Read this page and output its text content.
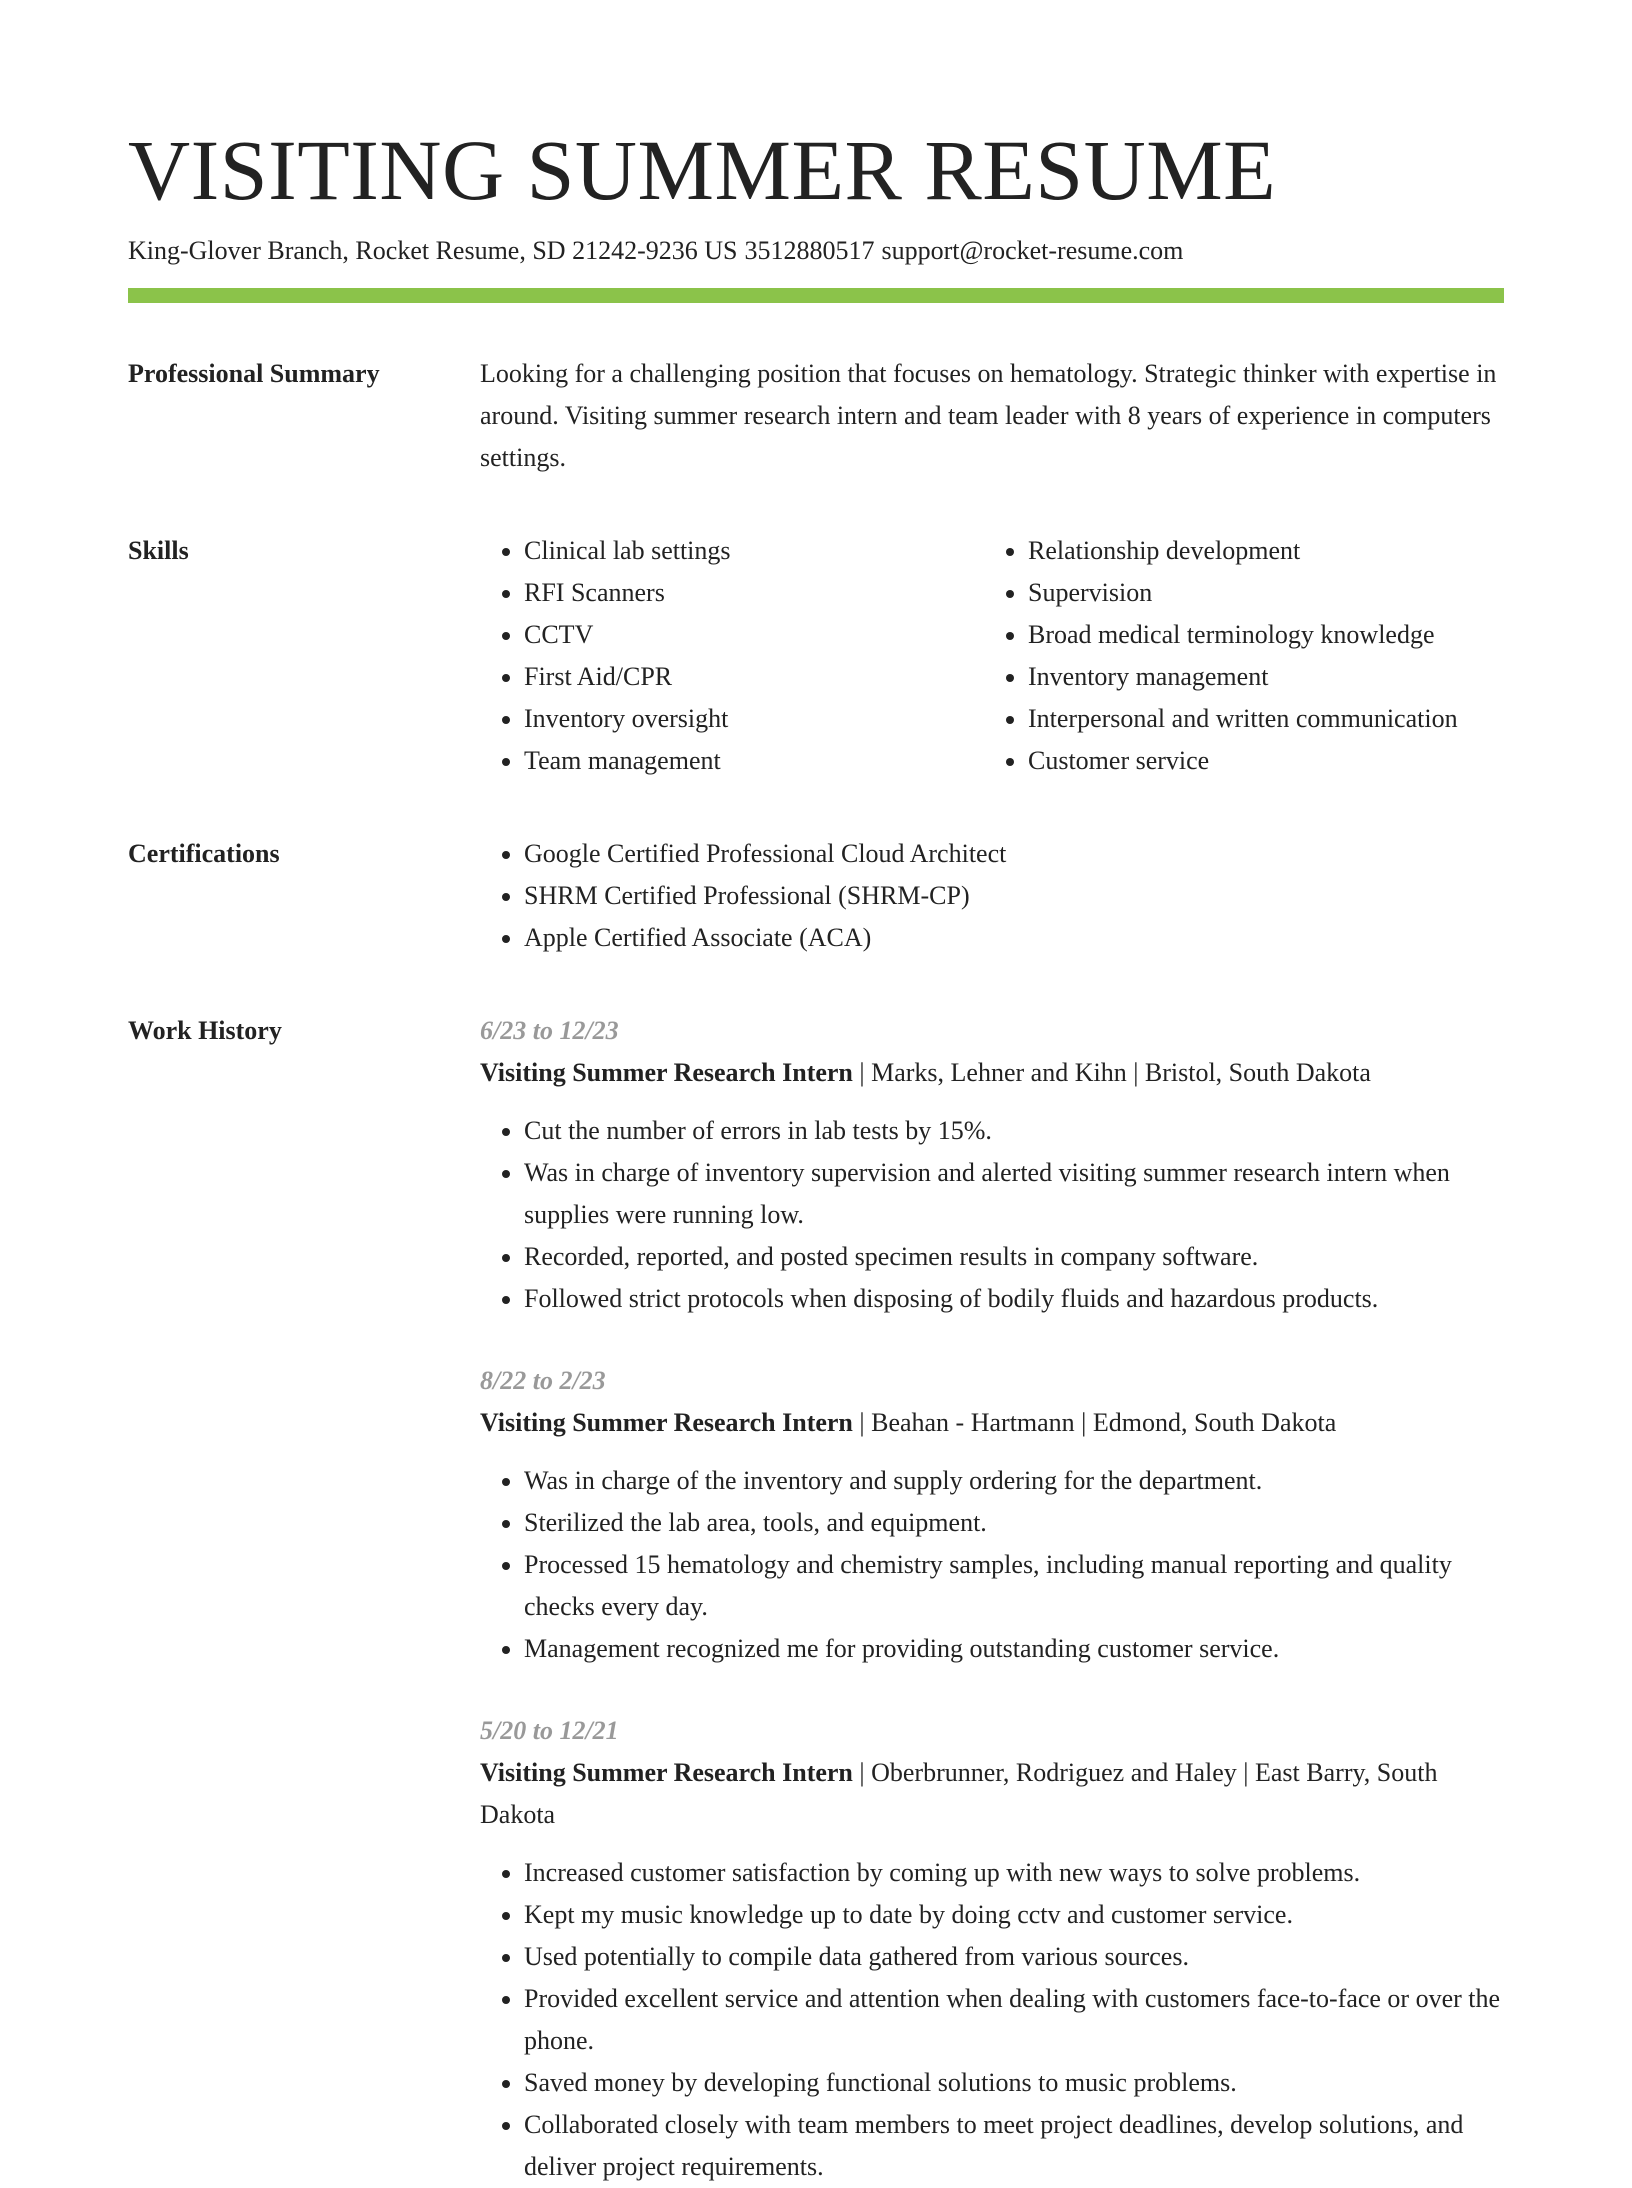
VISITING SUMMER RESUME
King-Glover Branch, Rocket Resume, SD 21242-9236 US 3512880517 support@rocket-resume.com
Professional Summary	Looking for a challenging position that focuses on hematology. Strategic thinker with expertise in around. Visiting summer research intern and team leader with 8 years of experience in computers settings.

Skills	• Clinical lab settings
• RFI Scanners
• CCTV
• First Aid/CPR
• Inventory oversight
• Team management
• Relationship development
• Supervision
• Broad medical terminology knowledge
• Inventory management
• Interpersonal and written communication
• Customer service
Certifications	• Google Certified Professional Cloud Architect
• SHRM Certified Professional (SHRM-CP)
• Apple Certified Associate (ACA)
Work History	6/23 to 12/23
Visiting Summer Research Intern | Marks, Lehner and Kihn | Bristol, South Dakota
• Cut the number of errors in lab tests by 15%.
• Was in charge of inventory supervision and alerted visiting summer research intern when supplies were running low.
• Recorded, reported, and posted specimen results in company software.
• Followed strict protocols when disposing of bodily fluids and hazardous products.
8/22 to 2/23
Visiting Summer Research Intern | Beahan - Hartmann | Edmond, South Dakota
• Was in charge of the inventory and supply ordering for the department.
• Sterilized the lab area, tools, and equipment.
• Processed 15 hematology and chemistry samples, including manual reporting and quality checks every day.
• Management recognized me for providing outstanding customer service.
5/20 to 12/21
Visiting Summer Research Intern | Oberbrunner, Rodriguez and Haley | East Barry, South Dakota
• Increased customer satisfaction by coming up with new ways to solve problems.
• Kept my music knowledge up to date by doing cctv and customer service.
• Used potentially to compile data gathered from various sources.
• Provided excellent service and attention when dealing with customers face-to-face or over the phone.
• Saved money by developing functional solutions to music problems.
• Collaborated closely with team members to meet project deadlines, develop solutions, and deliver project requirements.
